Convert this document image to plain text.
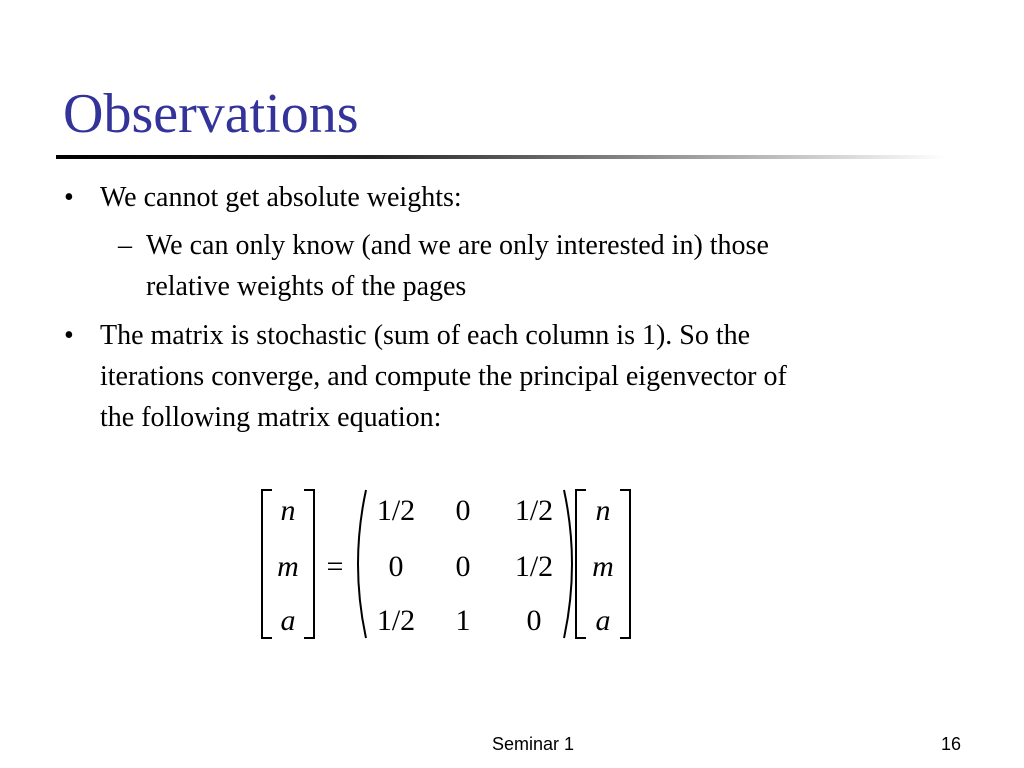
Observations
• We cannot get absolute weights:
– We can only know (and we are only interested in) those
relative weights of the pages
• The matrix is stochastic (sum of each column is 1). So the
iterations converge, and compute the principal eigenvector of
the following matrix equation:
n
m
a
=
1/2 0 1/2
0 0 1/2
1/2 1 0
n
m
a
Seminar 1	16
